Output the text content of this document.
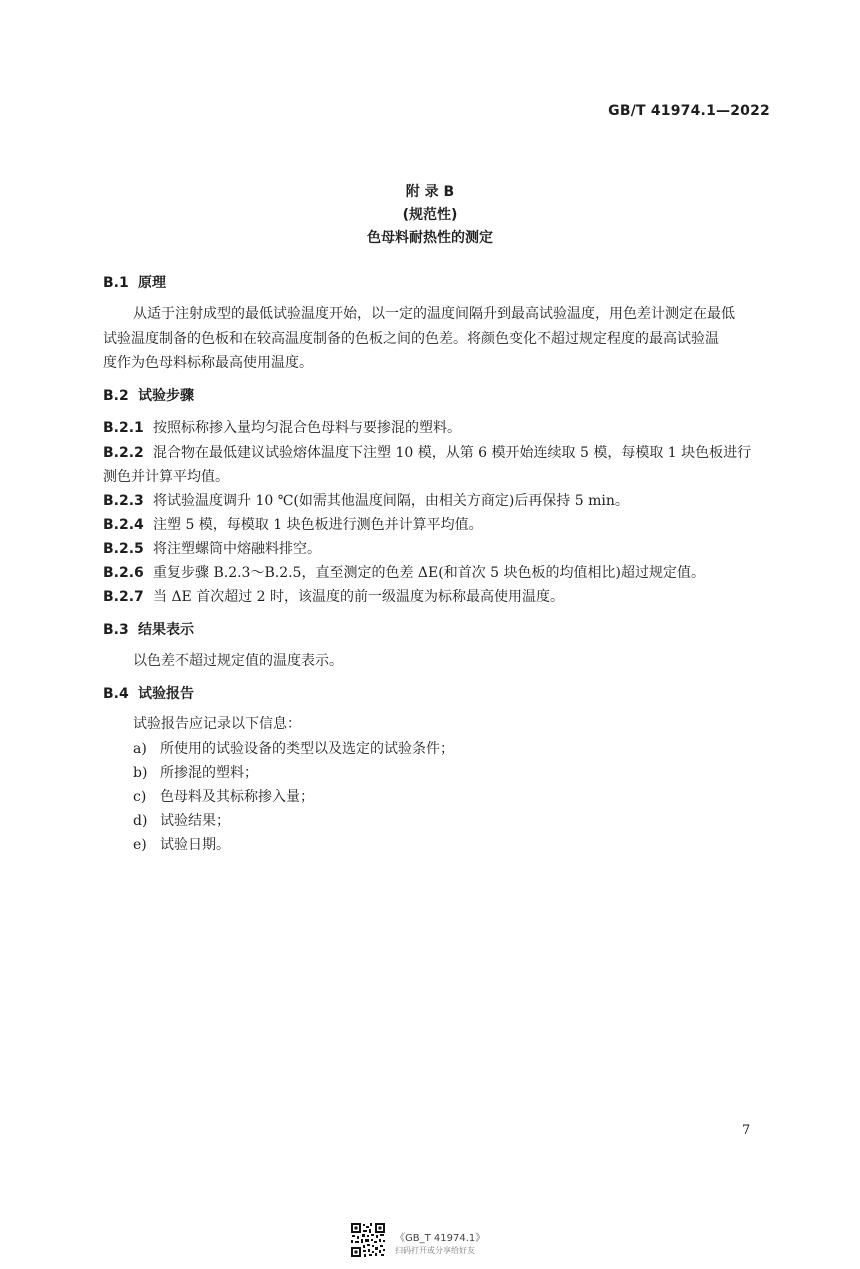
GB/T 41974.1—2022
附 录 B
(规范性)
色母料耐热性的测定
B.1 原理
从适于注射成型的最低试验温度开始，以一定的温度间隔升到最高试验温度，用色差计测定在最低
试验温度制备的色板和在较高温度制备的色板之间的色差。将颜色变化不超过规定程度的最高试验温
度作为色母料标称最高使用温度。
B.2 试验步骤
B.2.1 按照标称掺入量均匀混合色母料与要掺混的塑料。
B.2.2 混合物在最低建议试验熔体温度下注塑 10 模，从第 6 模开始连续取 5 模，每模取 1 块色板进行
测色并计算平均值。
B.2.3 将试验温度调升 10 ℃(如需其他温度间隔，由相关方商定)后再保持 5 min。
B.2.4 注塑 5 模，每模取 1 块色板进行测色并计算平均值。
B.2.5 将注塑螺筒中熔融料排空。
B.2.6 重复步骤 B.2.3～B.2.5，直至测定的色差 ΔE(和首次 5 块色板的均值相比)超过规定值。
B.2.7 当 ΔE 首次超过 2 时，该温度的前一级温度为标称最高使用温度。
B.3 结果表示
以色差不超过规定值的温度表示。
B.4 试验报告
试验报告应记录以下信息：
a) 所使用的试验设备的类型以及选定的试验条件；
b) 所掺混的塑料；
c) 色母料及其标称掺入量；
d) 试验结果；
e) 试验日期。
7
《GB_T 41974.1》
扫码打开或分享给好友
